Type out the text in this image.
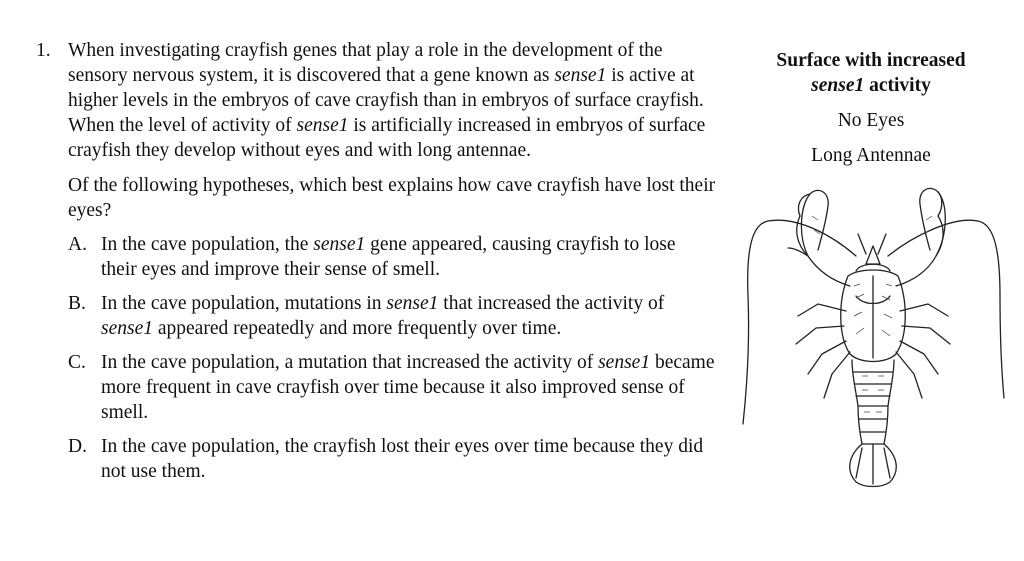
1. When investigating crayfish genes that play a role in the development of the sensory nervous system, it is discovered that a gene known as sense1 is active at higher levels in the embryos of cave crayfish than in embryos of surface crayfish. When the level of activity of sense1 is artificially increased in embryos of surface crayfish they develop without eyes and with long antennae.

Of the following hypotheses, which best explains how cave crayfish have lost their eyes?

A. In the cave population, the sense1 gene appeared, causing crayfish to lose their eyes and improve their sense of smell.
B. In the cave population, mutations in sense1 that increased the activity of sense1 appeared repeatedly and more frequently over time.
C. In the cave population, a mutation that increased the activity of sense1 became more frequent in cave crayfish over time because it also improved sense of smell.
D. In the cave population, the crayfish lost their eyes over time because they did not use them.
Surface with increased
sense1 activity
No Eyes
Long Antennae
